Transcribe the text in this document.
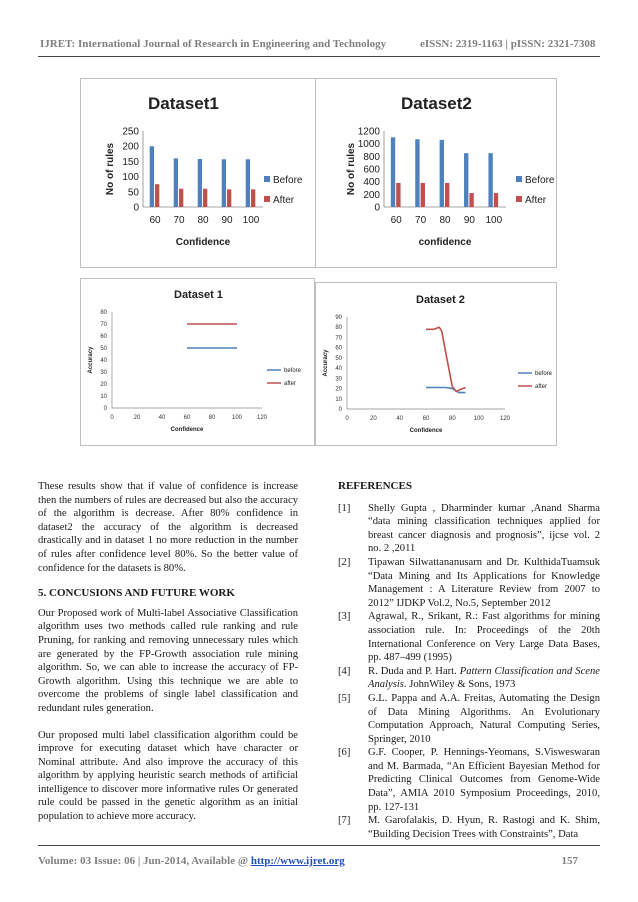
IJRET: International Journal of Research in Engineering and Technology	eISSN: 2319-1163 | pISSN: 2321-7308
Dataset1
0
50
100
150
200
250
60 70 80 90 100
No of rules
Confidence
Before
After
Dataset2
0
200
400
600
800
1000
1200
60 70 80 90 100
No of rules
confidence
Before
After
Dataset 1
0
10
20
30
40
50
60
70
80
0	20	40	60	80	100 120
Accuracy
Confidence
before
after
Dataset 2
0
10
20
30
40
50
60
70
80
90
0	20	40	60	80	100	120
Accuracy
Confidence
before
after

These results show that if value of confidence is increase then the numbers of rules are decreased but also the accuracy of the algorithm is decrease. After 80% confidence in dataset2 the accuracy of the algorithm is decreased drastically and in dataset 1 no more reduction in the number of rules after confidence level 80%. So the better value of confidence for the datasets is 80%.

5. CONCUSIONS AND FUTURE WORK

Our Proposed work of Multi-label Associative Classification algorithm uses two methods called rule ranking and rule Pruning, for ranking and removing unnecessary rules which are generated by the FP-Growth association rule mining algorithm. So, we can able to increase the accuracy of FP-Growth algorithm. Using this technique we are able to overcome the problems of single label classification and redundant rules generation.

Our proposed multi label classification algorithm could be improve for executing dataset which have character or Nominal attribute. And also improve the accuracy of this algorithm by applying heuristic search methods of artificial intelligence to discover more informative rules Or generated rule could be passed in the genetic algorithm as an initial population to achieve more accuracy.

REFERENCES
[1]	Shelly Gupta , Dharminder kumar ,Anand Sharma “data mining classification techniques applied for breast cancer diagnosis and prognosis”, ijcse vol. 2 no. 2 ,2011
[2]	Tipawan Silwattananusarn and Dr. KulthidaTuamsuk “Data Mining and Its Applications for Knowledge Management : A Literature Review from 2007 to 2012” IJDKP Vol.2, No.5, September 2012
[3]	Agrawal, R., Srikant, R.: Fast algorithms for mining association rule. In: Proceedings of the 20th International Conference on Very Large Data Bases, pp. 487–499 (1995)
[4]	R. Duda and P. Hart. Pattern Classification and Scene Analysis. JohnWiley & Sons, 1973
[5]	G.L. Pappa and A.A. Freitas, Automating the Design of Data Mining Algorithms. An Evolutionary Computation Approach, Natural Computing Series, Springer, 2010
[6]	G.F. Cooper, P. Hennings-Yeomans, S.Visweswaran and M. Barmada, “An Efficient Bayesian Method for Predicting Clinical Outcomes from Genome-Wide Data”, AMIA 2010 Symposium Proceedings, 2010, pp. 127-131
[7]	M. Garofalakis, D. Hyun, R. Rastogi and K. Shim, “Building Decision Trees with Constraints”, Data
Volume: 03 Issue: 06 | Jun-2014, Available @ http://www.ijret.org	157
